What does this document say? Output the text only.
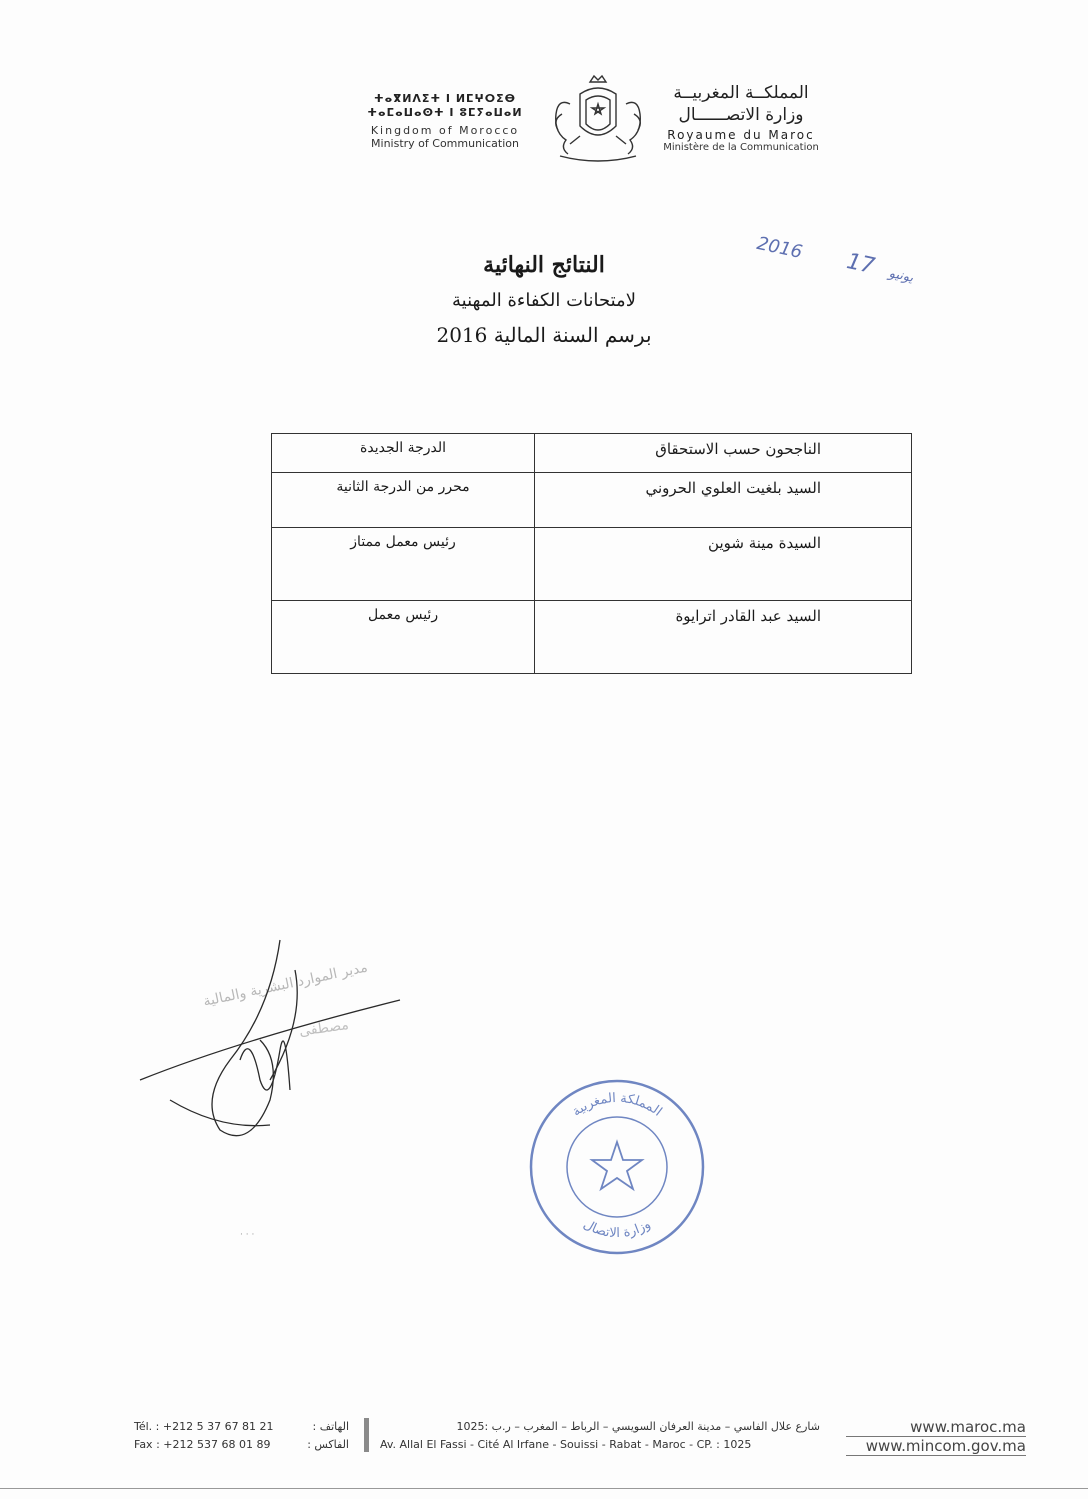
ⵜⴰⴳⵍⴷⵉⵜ ⵏ ⵍⵎⵖⵔⵉⴱ
ⵜⴰⵎⴰⵡⴰⵙⵜ ⵏ ⵓⵎⵢⴰⵡⴰⵍ
Kingdom of Morocco
Ministry of Communication
المملكــة المغربيــة
وزارة الاتصــــــال
Royaume du Maroc
Ministère de la Communication
2016 يونيو 17
النتائج النهائية
لامتحانات الكفاءة المهنية
برسم السنة المالية 2016
الناجحون حسب الاستحقاق	الدرجة الجديدة
السيد بلغيت العلوي الحروني	محرر من الدرجة الثانية
السيدة مينة شوين	رئيس معمل ممتاز
السيد عبد القادر اترايوة	رئيس معمل
مدير الموارد البشرية والمالية
مصطفى
المملكة المغربية
وزارة الاتصال
· · ·
Tél. : +212 5 37 67 81 21	الهاتف :
Fax : +212 537 68 01 89	الفاكس :
شارع علال الفاسي – مدينة العرفان السويسي – الرباط – المغرب – ر.ب :1025
Av. Allal El Fassi - Cité Al Irfane - Souissi - Rabat - Maroc - CP. : 1025
www.maroc.ma
www.mincom.gov.ma
